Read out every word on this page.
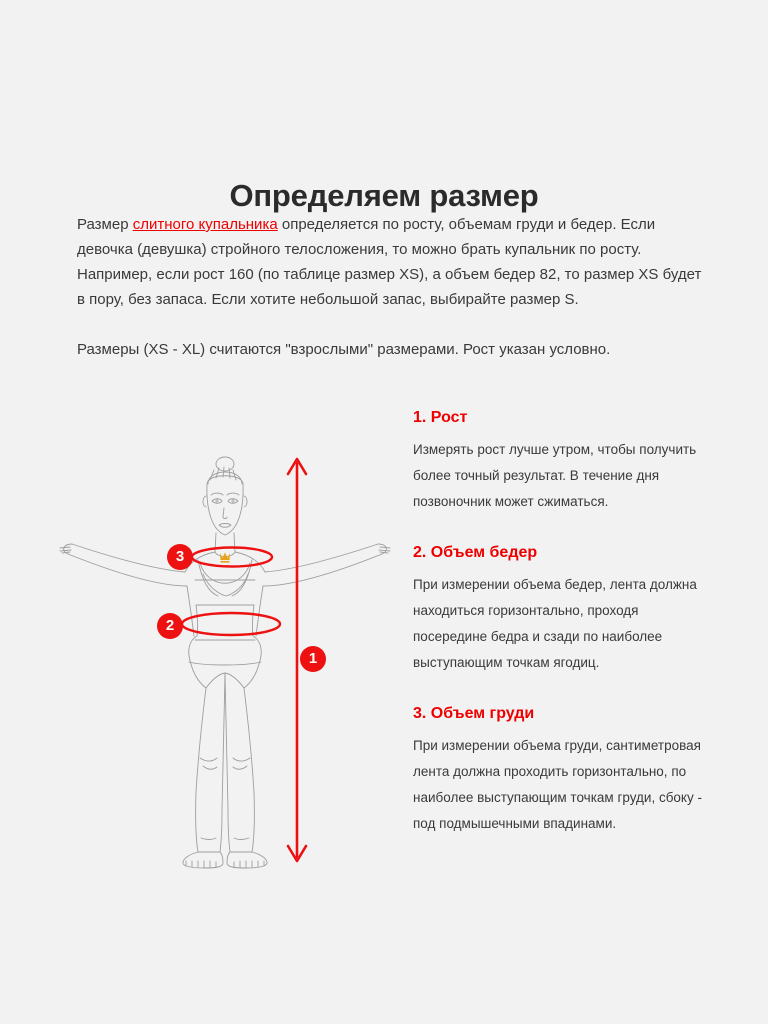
Определяем размер

Размер слитного купальника определяется по росту, объемам груди и бедер. Если девочка (девушка) стройного телосложения, то можно брать купальник по росту. Например, если рост 160 (по таблице размер XS), а объем бедер 82, то размер XS будет в пору, без запаса. Если хотите небольшой запас, выбирайте размер S.

Размеры (XS - XL) считаются "взрослыми" размерами. Рост указан условно.

3
2
1
1. Рост

Измерять рост лучше утром, чтобы получить более точный результат. В течение дня позвоночник может сжиматься.

2. Объем бедер

При измерении объема бедер, лента должна находиться горизонтально, проходя посередине бедра и сзади по наиболее выступающим точкам ягодиц.

3. Объем груди

При измерении объема груди, сантиметровая лента должна проходить горизонтально, по наиболее выступающим точкам груди, сбоку - под подмышечными впадинами.
